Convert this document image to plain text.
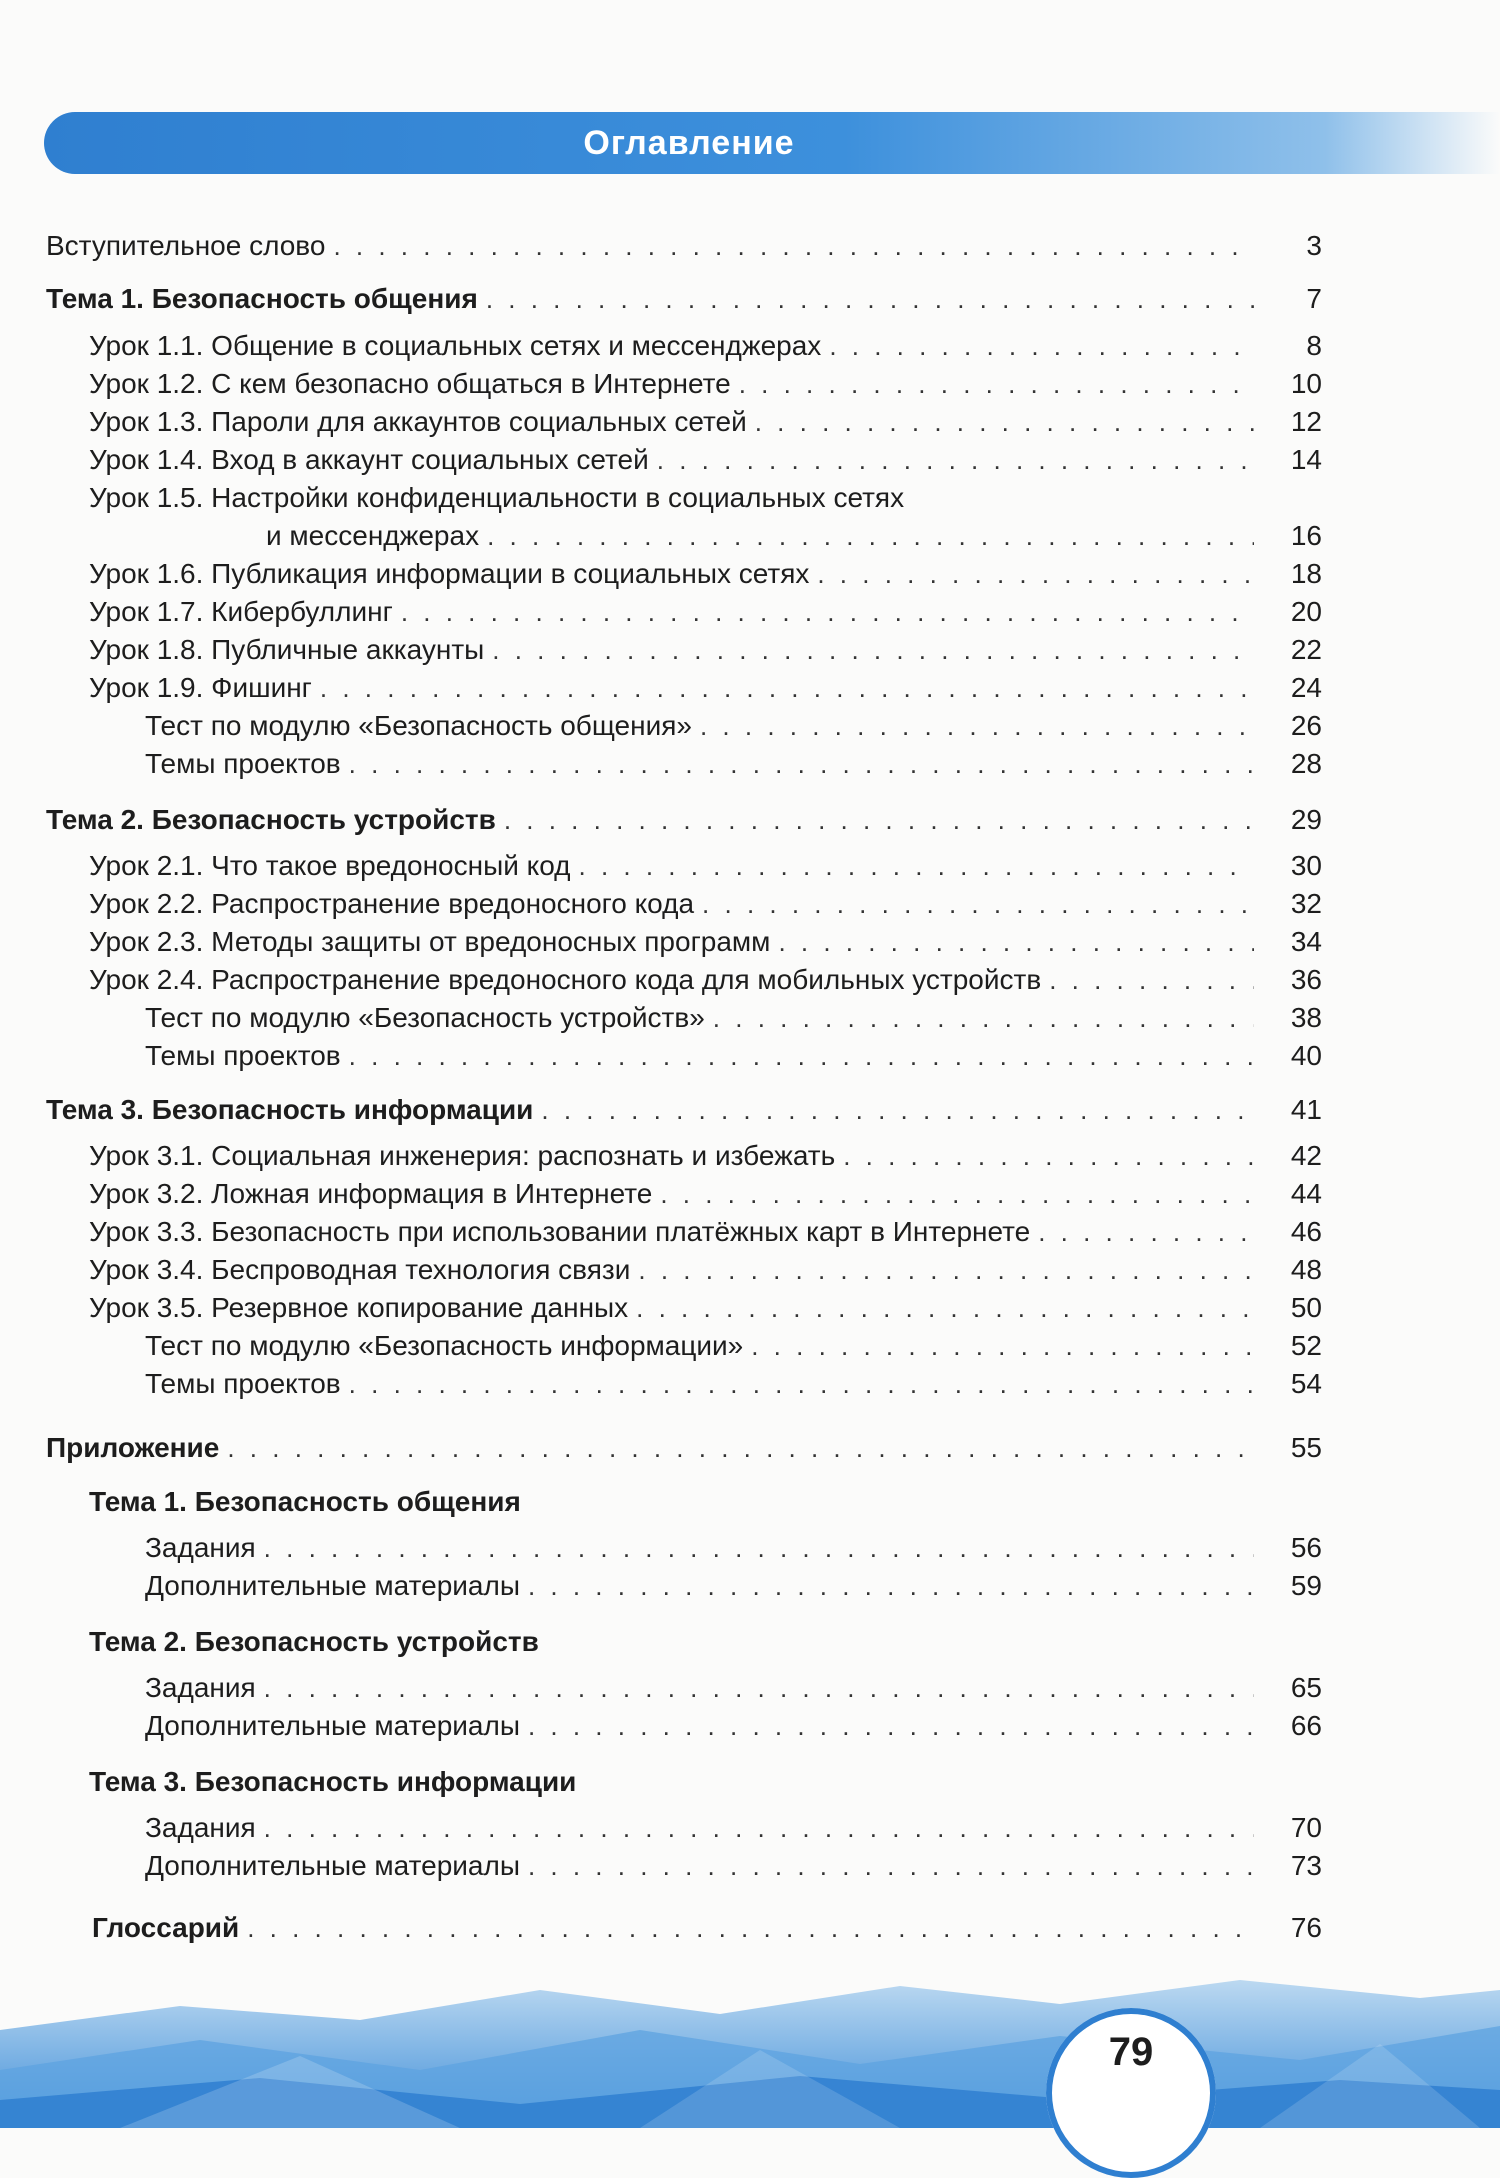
Оглавление
Вступительное слово . . .	3
Тема 1. Безопасность общения . . .	7
Урок 1.1. Общение в социальных сетях и мессенджерах . . .	8
Урок 1.2. С кем безопасно общаться в Интернете . . .	10
Урок 1.3. Пароли для аккаунтов социальных сетей . . .	12
Урок 1.4. Вход в аккаунт социальных сетей . . .	14
Урок 1.5. Настройки конфиденциальности в социальных сетях
и мессенджерах . . .	16
Урок 1.6. Публикация информации в социальных сетях . . .	18
Урок 1.7. Кибербуллинг . . .	20
Урок 1.8. Публичные аккаунты . . .	22
Урок 1.9. Фишинг . . .	24
Тест по модулю «Безопасность общения» . . .	26
Темы проектов . . .	28
Тема 2. Безопасность устройств . . .	29
Урок 2.1. Что такое вредоносный код . . .	30
Урок 2.2. Распространение вредоносного кода . . .	32
Урок 2.3. Методы защиты от вредоносных программ . . .	34
Урок 2.4. Распространение вредоносного кода для мобильных устройств . . .	36
Тест по модулю «Безопасность устройств» . . .	38
Темы проектов . . .	40
Тема 3. Безопасность информации . . .	41
Урок 3.1. Социальная инженерия: распознать и избежать . . .	42
Урок 3.2. Ложная информация в Интернете . . .	44
Урок 3.3. Безопасность при использовании платёжных карт в Интернете . . .	46
Урок 3.4. Беспроводная технология связи . . .	48
Урок 3.5. Резервное копирование данных . . .	50
Тест по модулю «Безопасность информации» . . .	52
Темы проектов . . .	54
Приложение . . .	55
Тема 1. Безопасность общения
Задания . . .	56
Дополнительные материалы . . .	59
Тема 2. Безопасность устройств
Задания . . .	65
Дополнительные материалы . . .	66
Тема 3. Безопасность информации
Задания . . .	70
Дополнительные материалы . . .	73
Глоссарий . . .	76
79
